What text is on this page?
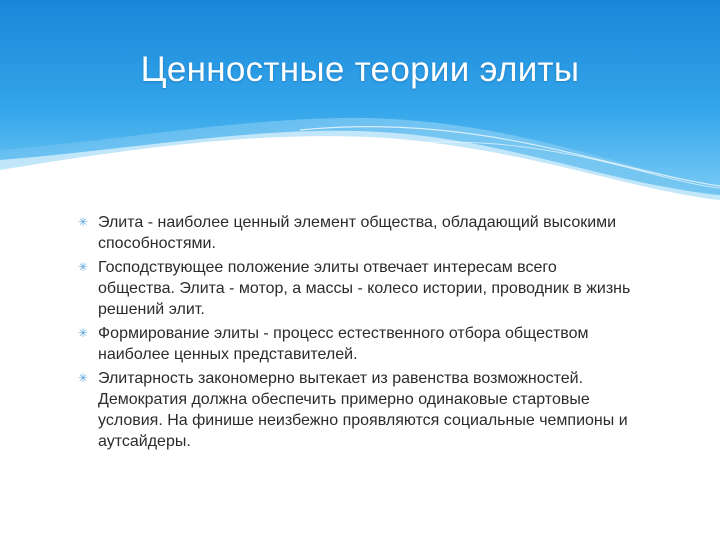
Ценностные теории элиты
✳ Элита - наиболее ценный элемент общества, обладающий высокими способностями.
✳ Господствующее положение элиты отвечает интересам всего общества. Элита - мотор, а массы - колесо истории, проводник в жизнь решений элит.
✳ Формирование элиты - процесс естественного отбора обществом наиболее ценных представителей.
✳ Элитарность закономерно вытекает из равенства возможностей. Демократия должна обеспечить примерно одинаковые стартовые условия. На финише неизбежно проявляются социальные чемпионы и аутсайдеры.
